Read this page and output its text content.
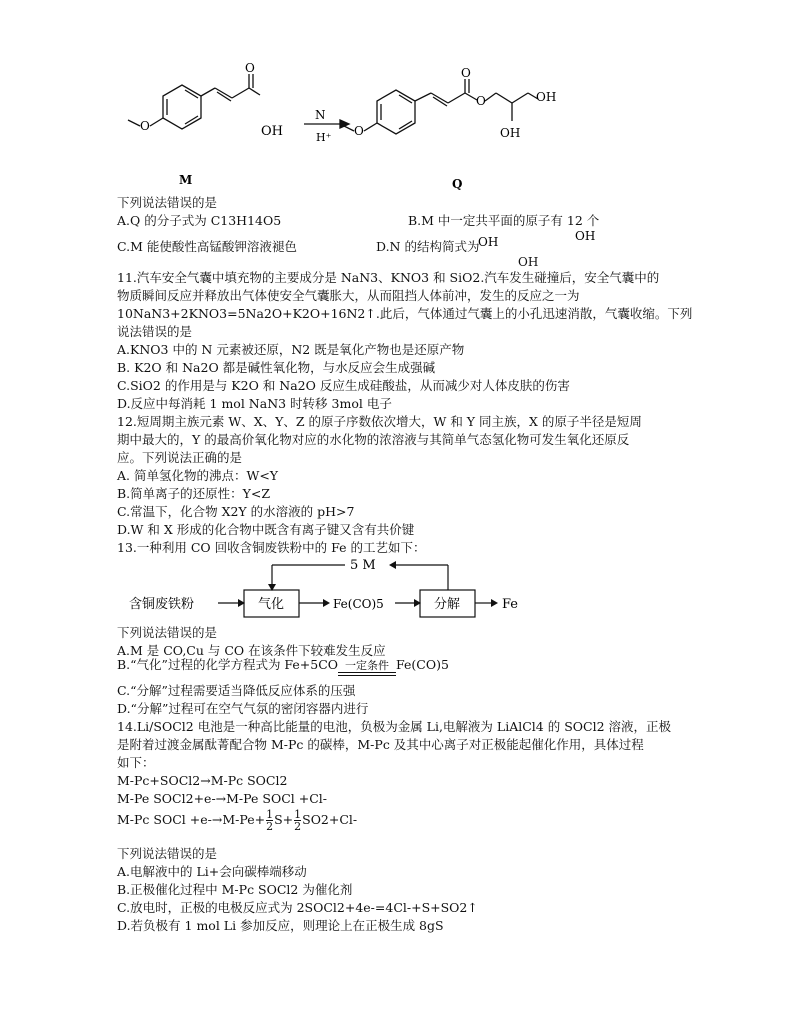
OH
O
O
N
H⁺
O
O
O	OH
OH
M	Q
下列说法错误的是
A.Q 的分子式为 C13H14O5	B.M 中一定共平面的原子有 12 个
C.M 能使酸性高锰酸钾溶液褪色	D.N 的结构简式为
OH	OH
OH
11.汽车安全气囊中填充物的主要成分是 NaN3、KNO3 和 SiO2.汽车发生碰撞后，安全气囊中的
物质瞬间反应并释放出气体使安全气囊胀大，从而阻挡人体前冲，发生的反应之一为
10NaN3+2KNO3=5Na2O+K2O+16N2↑.此后，气体通过气囊上的小孔迅速消散，气囊收缩。下列
说法错误的是
A.KNO3 中的 N 元素被还原，N2 既是氧化产物也是还原产物
B. K2O 和 Na2O 都是碱性氧化物，与水反应会生成强碱
C.SiO2 的作用是与 K2O 和 Na2O 反应生成硅酸盐，从而减少对人体皮肤的伤害
D.反应中每消耗 1 mol NaN3 时转移 3mol 电子
12.短周期主族元素 W、X、Y、Z 的原子序数依次增大，W 和 Y 同主族，X 的原子半径是短周
期中最大的，Y 的最高价氧化物对应的水化物的浓溶液与其简单气态氢化物可发生氧化还原反
应。下列说法正确的是
A. 简单氢化物的沸点：W<Y
B.简单离子的还原性：Y<Z
C.常温下，化合物 X2Y 的水溶液的 pH>7
D.W 和 X 形成的化合物中既含有离子键又含有共价键
13.一种利用 CO 回收含铜废铁粉中的 Fe 的工艺如下：
5 M
含铜废铁粉	气化	Fe(CO)5	分解	Fe
下列说法错误的是
A.M 是 CO,Cu 与 CO 在该条件下较难发生反应
B.“气化”过程的化学方程式为 Fe+5CO 一定条件 Fe(CO)5
C.“分解”过程需要适当降低反应体系的压强
D.“分解”过程可在空气气氛的密闭容器内进行
14.Li/SOCl2 电池是一种高比能量的电池，负极为金属 Li,电解液为 LiAlCl4 的 SOCl2 溶液，正极
是附着过渡金属酞菁配合物 M-Pc 的碳棒，M-Pc 及其中心离子对正极能起催化作用，具体过程
如下：
M-Pc+SOCl2→M-Pc SOCl2
M-Pe SOCl2+e-→M-Pe SOCl +Cl-
M-Pc SOCl $+e-\to M-Pe+ \frac{1}{2} S+ \frac{1}{2} SO2+Cl-$
下列说法错误的是
A.电解液中的 Li+会向碳棒端移动
B.正极催化过程中 M-Pc SOCl2 为催化剂
C.放电时，正极的电极反应式为 2SOCl2+4e-=4Cl-+S+SO2↑
D.若负极有 1 mol Li 参加反应，则理论上在正极生成 8gS
